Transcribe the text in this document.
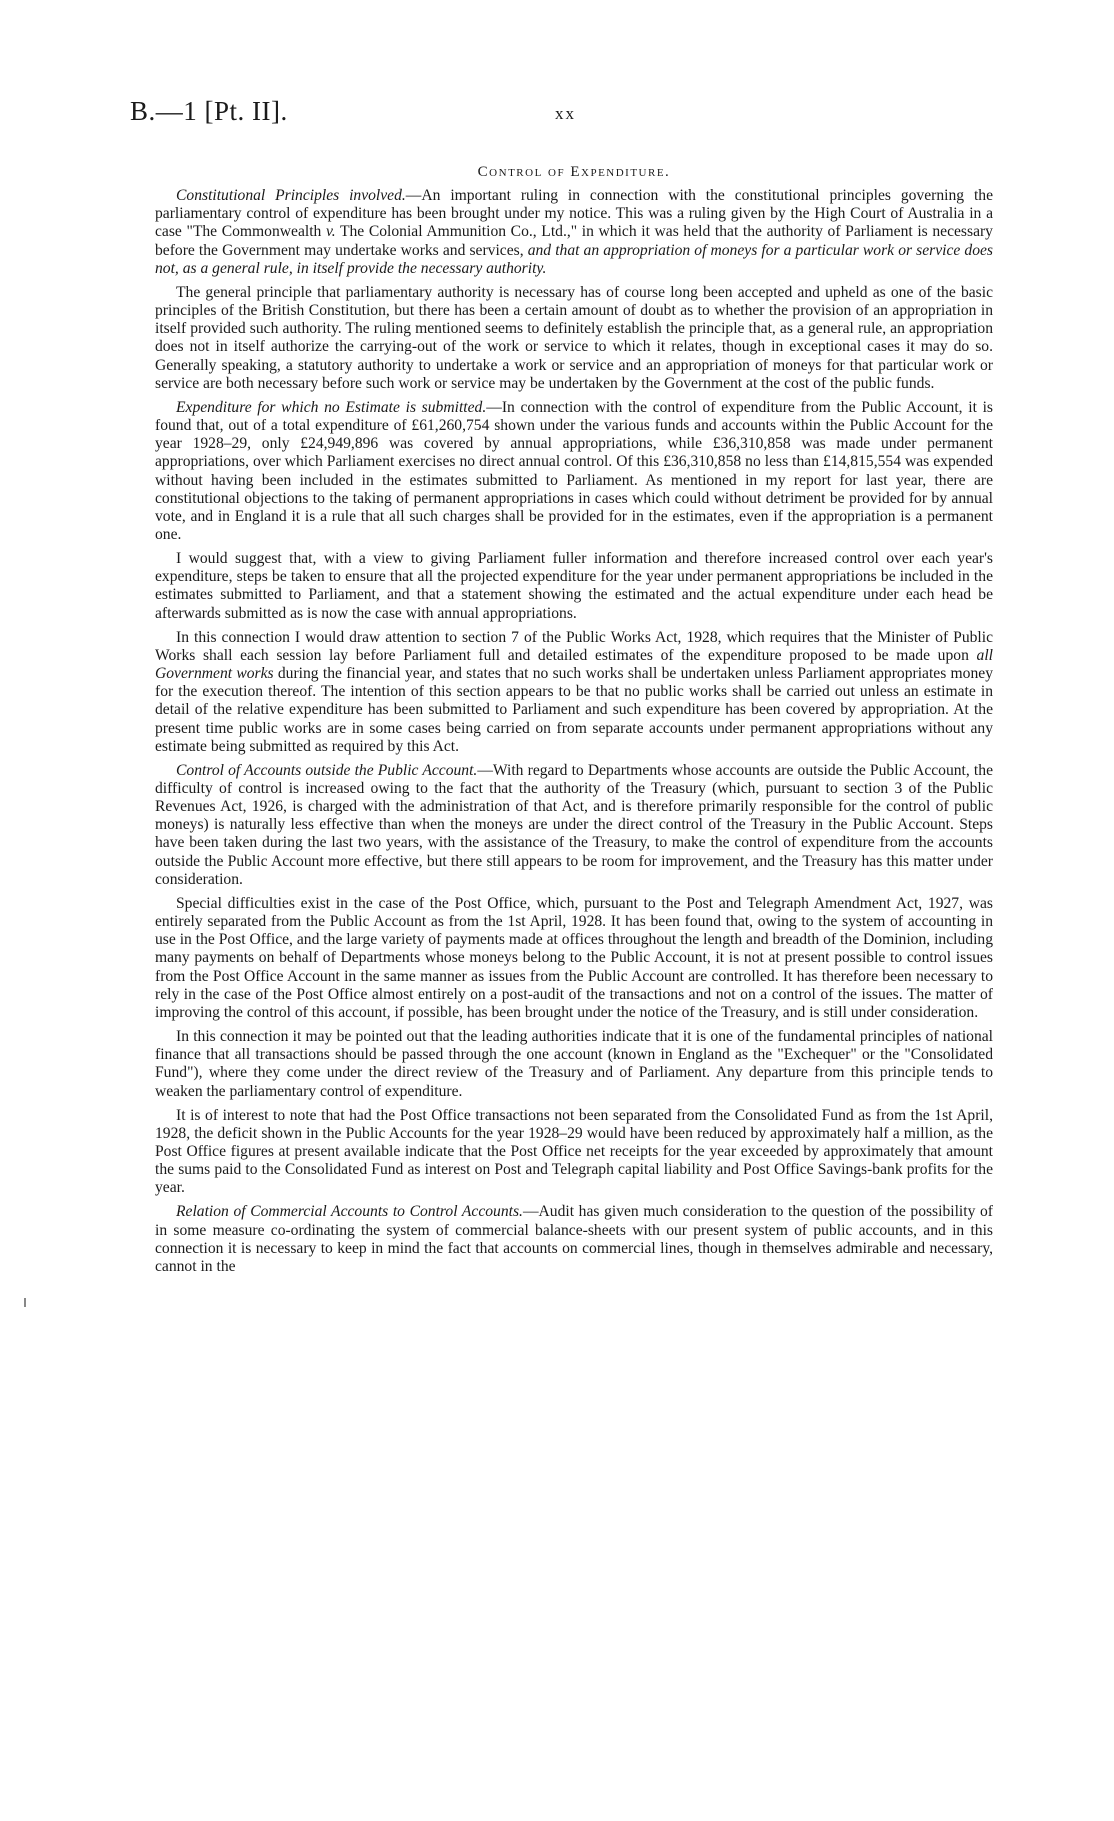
B.—1 [Pt. II].	xx
Control of Expenditure.

Constitutional Principles involved.—An important ruling in connection with the constitutional principles governing the parliamentary control of expenditure has been brought under my notice. This was a ruling given by the High Court of Australia in a case "The Commonwealth v. The Colonial Ammunition Co., Ltd.," in which it was held that the authority of Parliament is necessary before the Government may undertake works and services, and that an appropriation of moneys for a particular work or service does not, as a general rule, in itself provide the necessary authority.

The general principle that parliamentary authority is necessary has of course long been accepted and upheld as one of the basic principles of the British Constitution, but there has been a certain amount of doubt as to whether the provision of an appropriation in itself provided such authority. The ruling mentioned seems to definitely establish the principle that, as a general rule, an appropriation does not in itself authorize the carrying-out of the work or service to which it relates, though in exceptional cases it may do so. Generally speaking, a statutory authority to undertake a work or service and an appropriation of moneys for that particular work or service are both necessary before such work or service may be undertaken by the Government at the cost of the public funds.

Expenditure for which no Estimate is submitted.—In connection with the control of expenditure from the Public Account, it is found that, out of a total expenditure of £61,260,754 shown under the various funds and accounts within the Public Account for the year 1928–29, only £24,949,896 was covered by annual appropriations, while £36,310,858 was made under permanent appropriations, over which Parliament exercises no direct annual control. Of this £36,310,858 no less than £14,815,554 was expended without having been included in the estimates submitted to Parliament. As mentioned in my report for last year, there are constitutional objections to the taking of permanent appropriations in cases which could without detriment be provided for by annual vote, and in England it is a rule that all such charges shall be provided for in the estimates, even if the appropriation is a permanent one.

I would suggest that, with a view to giving Parliament fuller information and therefore increased control over each year's expenditure, steps be taken to ensure that all the projected expenditure for the year under permanent appropriations be included in the estimates submitted to Parliament, and that a statement showing the estimated and the actual expenditure under each head be afterwards submitted as is now the case with annual appropriations.

In this connection I would draw attention to section 7 of the Public Works Act, 1928, which requires that the Minister of Public Works shall each session lay before Parliament full and detailed estimates of the expenditure proposed to be made upon all Government works during the financial year, and states that no such works shall be undertaken unless Parliament appropriates money for the execution thereof. The intention of this section appears to be that no public works shall be carried out unless an estimate in detail of the relative expenditure has been submitted to Parliament and such expenditure has been covered by appropriation. At the present time public works are in some cases being carried on from separate accounts under permanent appropriations without any estimate being submitted as required by this Act.

Control of Accounts outside the Public Account.—With regard to Departments whose accounts are outside the Public Account, the difficulty of control is increased owing to the fact that the authority of the Treasury (which, pursuant to section 3 of the Public Revenues Act, 1926, is charged with the administration of that Act, and is therefore primarily responsible for the control of public moneys) is naturally less effective than when the moneys are under the direct control of the Treasury in the Public Account. Steps have been taken during the last two years, with the assistance of the Treasury, to make the control of expenditure from the accounts outside the Public Account more effective, but there still appears to be room for improvement, and the Treasury has this matter under consideration.

Special difficulties exist in the case of the Post Office, which, pursuant to the Post and Telegraph Amendment Act, 1927, was entirely separated from the Public Account as from the 1st April, 1928. It has been found that, owing to the system of accounting in use in the Post Office, and the large variety of payments made at offices throughout the length and breadth of the Dominion, including many payments on behalf of Departments whose moneys belong to the Public Account, it is not at present possible to control issues from the Post Office Account in the same manner as issues from the Public Account are controlled. It has therefore been necessary to rely in the case of the Post Office almost entirely on a post-audit of the transactions and not on a control of the issues. The matter of improving the control of this account, if possible, has been brought under the notice of the Treasury, and is still under consideration.

In this connection it may be pointed out that the leading authorities indicate that it is one of the fundamental principles of national finance that all transactions should be passed through the one account (known in England as the "Exchequer" or the "Consolidated Fund"), where they come under the direct review of the Treasury and of Parliament. Any departure from this principle tends to weaken the parliamentary control of expenditure.

It is of interest to note that had the Post Office transactions not been separated from the Consolidated Fund as from the 1st April, 1928, the deficit shown in the Public Accounts for the year 1928–29 would have been reduced by approximately half a million, as the Post Office figures at present available indicate that the Post Office net receipts for the year exceeded by approximately that amount the sums paid to the Consolidated Fund as interest on Post and Telegraph capital liability and Post Office Savings-bank profits for the year.

Relation of Commercial Accounts to Control Accounts.—Audit has given much consideration to the question of the possibility of in some measure co-ordinating the system of commercial balance-sheets with our present system of public accounts, and in this connection it is necessary to keep in mind the fact that accounts on commercial lines, though in themselves admirable and necessary, cannot in the
